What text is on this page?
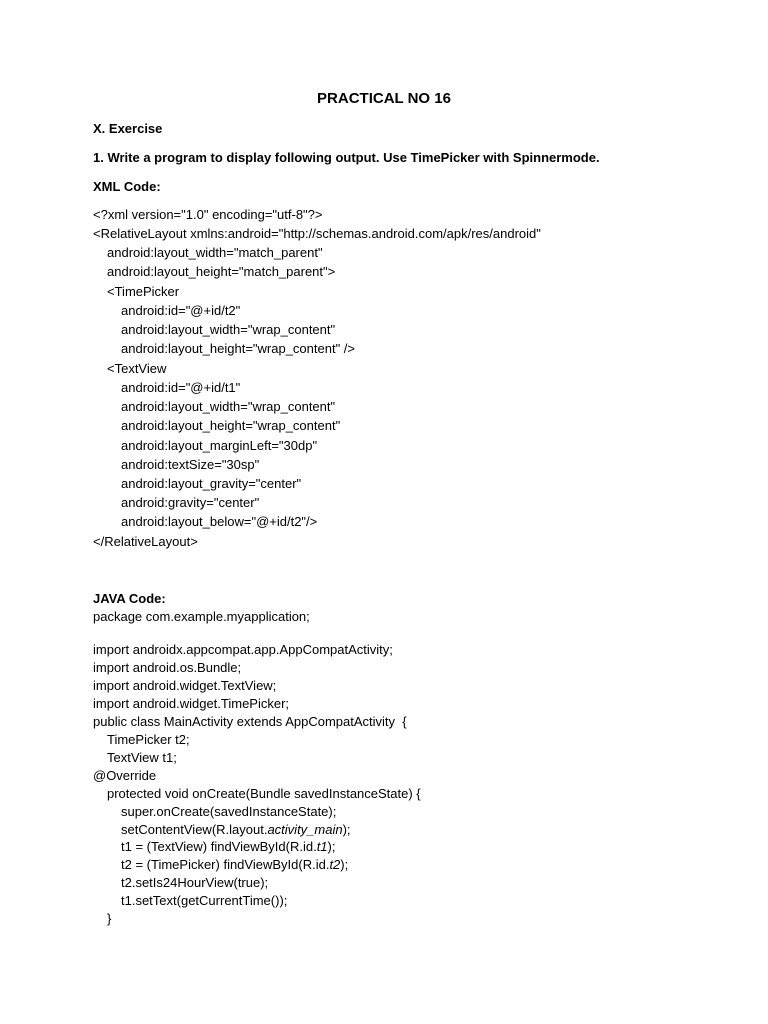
PRACTICAL NO 16
X. Exercise
1. Write a program to display following output. Use TimePicker with Spinnermode.
XML Code:
<?xml version="1.0" encoding="utf-8"?>
<RelativeLayout xmlns:android="http://schemas.android.com/apk/res/android"
android:layout_width="match_parent"
android:layout_height="match_parent">
<TimePicker
android:id="@+id/t2"
android:layout_width="wrap_content"
android:layout_height="wrap_content" />
<TextView
android:id="@+id/t1"
android:layout_width="wrap_content"
android:layout_height="wrap_content"
android:layout_marginLeft="30dp"
android:textSize="30sp"
android:layout_gravity="center"
android:gravity="center"
android:layout_below="@+id/t2"/>
</RelativeLayout>
JAVA Code:
package com.example.myapplication;
import androidx.appcompat.app.AppCompatActivity;
import android.os.Bundle;
import android.widget.TextView;
import android.widget.TimePicker;
public class MainActivity extends AppCompatActivity  {
TimePicker t2;
TextView t1;
@Override
protected void onCreate(Bundle savedInstanceState) {
super.onCreate(savedInstanceState);
setContentView(R.layout.activity_main);
t1 = (TextView) findViewById(R.id.t1);
t2 = (TimePicker) findViewById(R.id.t2);
t2.setIs24HourView(true);
t1.setText(getCurrentTime());
}
